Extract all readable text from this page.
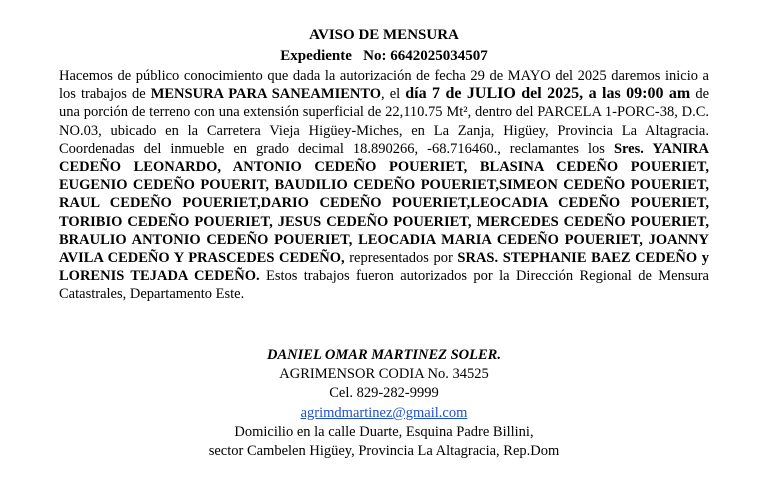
AVISO DE MENSURA
Expediente No: 6642025034507
Hacemos de público conocimiento que dada la autorización de fecha 29 de MAYO del 2025 daremos inicio a los trabajos de MENSURA PARA SANEAMIENTO, el día 7 de JULIO del 2025, a las 09:00 am de una porción de terreno con una extensión superficial de 22,110.75 Mt², dentro del PARCELA 1-PORC-38, D.C. NO.03, ubicado en la Carretera Vieja Higüey-Miches, en La Zanja, Higüey, Provincia La Altagracia. Coordenadas del inmueble en grado decimal 18.890266, -68.716460., reclamantes los Sres. YANIRA CEDEÑO LEONARDO, ANTONIO CEDEÑO POUERIET, BLASINA CEDEÑO POUERIET, EUGENIO CEDEÑO POUERIT, BAUDILIO CEDEÑO POUERIET,SIMEON CEDEÑO POUERIET, RAUL CEDEÑO POUERIET,DARIO CEDEÑO POUERIET,LEOCADIA CEDEÑO POUERIET, TORIBIO CEDEÑO POUERIET, JESUS CEDEÑO POUERIET, MERCEDES CEDEÑO POUERIET, BRAULIO ANTONIO CEDEÑO POUERIET, LEOCADIA MARIA CEDEÑO POUERIET, JOANNY AVILA CEDEÑO Y PRASCEDES CEDEÑO, representados por SRAS. STEPHANIE BAEZ CEDEÑO y LORENIS TEJADA CEDEÑO. Estos trabajos fueron autorizados por la Dirección Regional de Mensura Catastrales, Departamento Este.
DANIEL OMAR MARTINEZ SOLER.
AGRIMENSOR CODIA No. 34525
Cel. 829-282-9999
agrimdmartinez@gmail.com
Domicilio en la calle Duarte, Esquina Padre Billini,
sector Cambelen Higüey, Provincia La Altagracia, Rep.Dom
